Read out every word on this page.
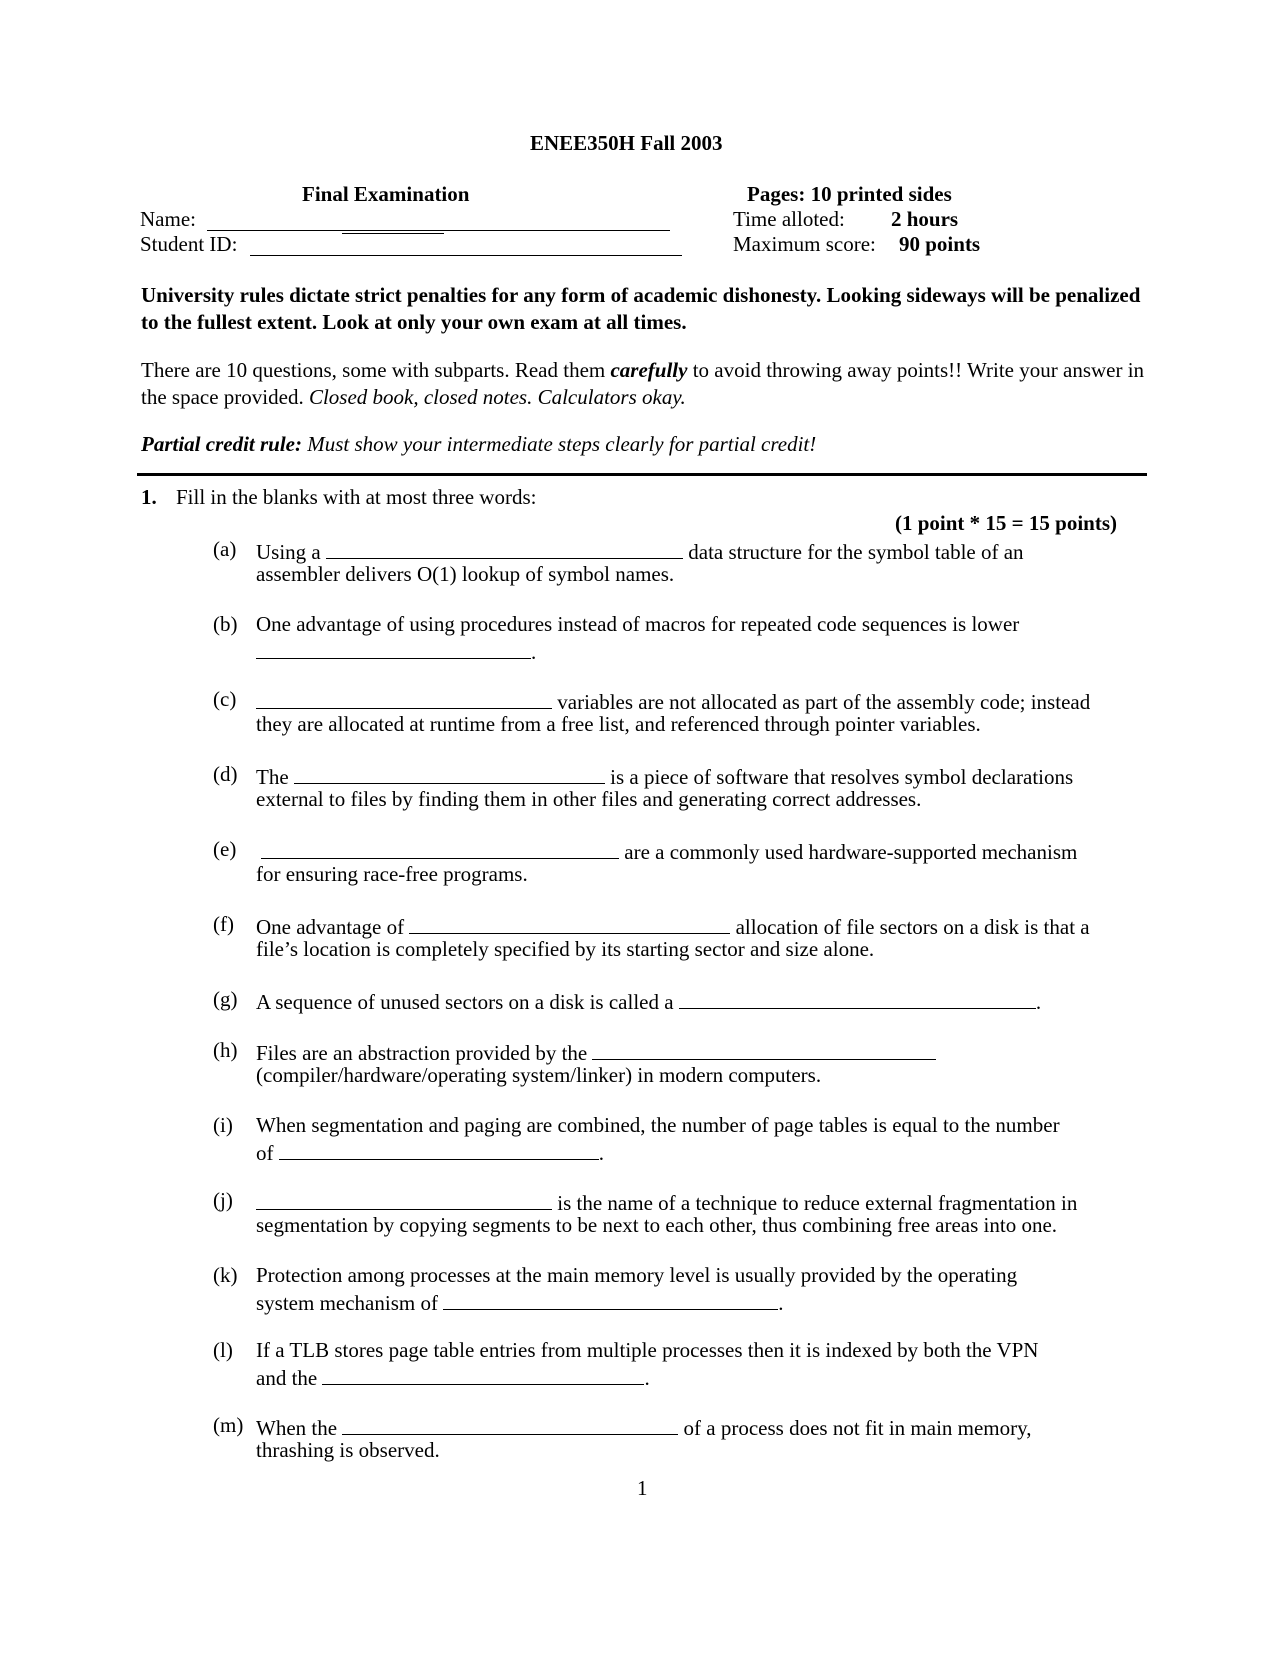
ENEE350H Fall 2003
Final Examination	Pages: 10 printed sides
Name:	Time alloted: 2 hours
Student ID:	Maximum score: 90 points
University rules dictate strict penalties for any form of academic dishonesty. Looking sideways will be penalized to the fullest extent. Look at only your own exam at all times.
There are 10 questions, some with subparts. Read them carefully to avoid throwing away points!! Write your answer in the space provided. Closed book, closed notes. Calculators okay.
Partial credit rule: Must show your intermediate steps clearly for partial credit!
1. Fill in the blanks with at most three words:
(1 point * 15 = 15 points)
(a) Using a	data structure for the symbol table of an
assembler delivers O(1) lookup of symbol names.
(b) One advantage of using procedures instead of macros for repeated code sequences is lower
.
(c)	variables are not allocated as part of the assembly code; instead
they are allocated at runtime from a free list, and referenced through pointer variables.
(d) The	is a piece of software that resolves symbol declarations
external to files by finding them in other files and generating correct addresses.
(e)	are a commonly used hardware-supported mechanism
for ensuring race-free programs.
(f) One advantage of	allocation of file sectors on a disk is that a
file’s location is completely specified by its starting sector and size alone.
(g) A sequence of unused sectors on a disk is called a	.
(h) Files are an abstraction provided by the
(compiler/hardware/operating system/linker) in modern computers.
(i) When segmentation and paging are combined, the number of page tables is equal to the number
of	.
(j)	is the name of a technique to reduce external fragmentation in
segmentation by copying segments to be next to each other, thus combining free areas into one.
(k) Protection among processes at the main memory level is usually provided by the operating
system mechanism of	.
(l) If a TLB stores page table entries from multiple processes then it is indexed by both the VPN
and the	.
(m) When the	of a process does not fit in main memory,
thrashing is observed.
1
